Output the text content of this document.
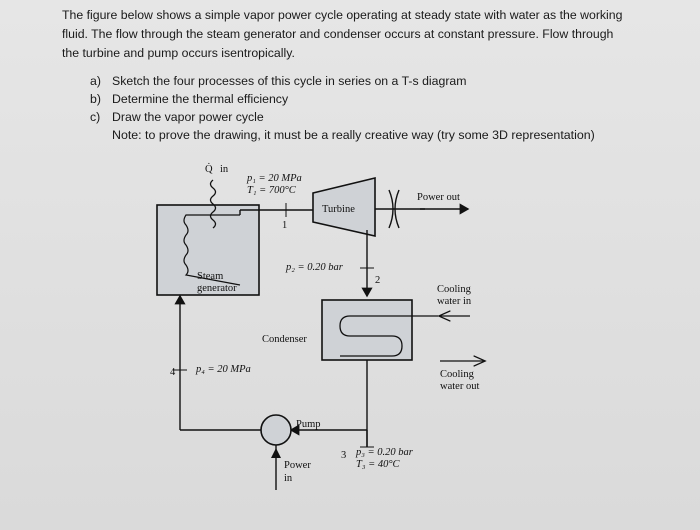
The figure below shows a simple vapor power cycle operating at steady state with water as the working
fluid. The flow through the steam generator and condenser occurs at constant pressure. Flow through
the turbine and pump occurs isentropically.
a) Sketch the four processes of this cycle in series on a T-s diagram
b) Determine the thermal efficiency
c) Draw the vapor power cycle
Note: to prove the drawing, it must be a really creative way (try some 3D representation)
Q̇ in
p₁ = 20 MPa
T₁ = 700°C
Turbine
Power out
1
p₂ = 0.20 bar
2
Steam
generator	Cooling
water in
Condenser
4 p₄ = 20 MPa	Cooling
water out
Pump
Power
in
3 p₃ = 0.20 bar
T₃ = 40°C
